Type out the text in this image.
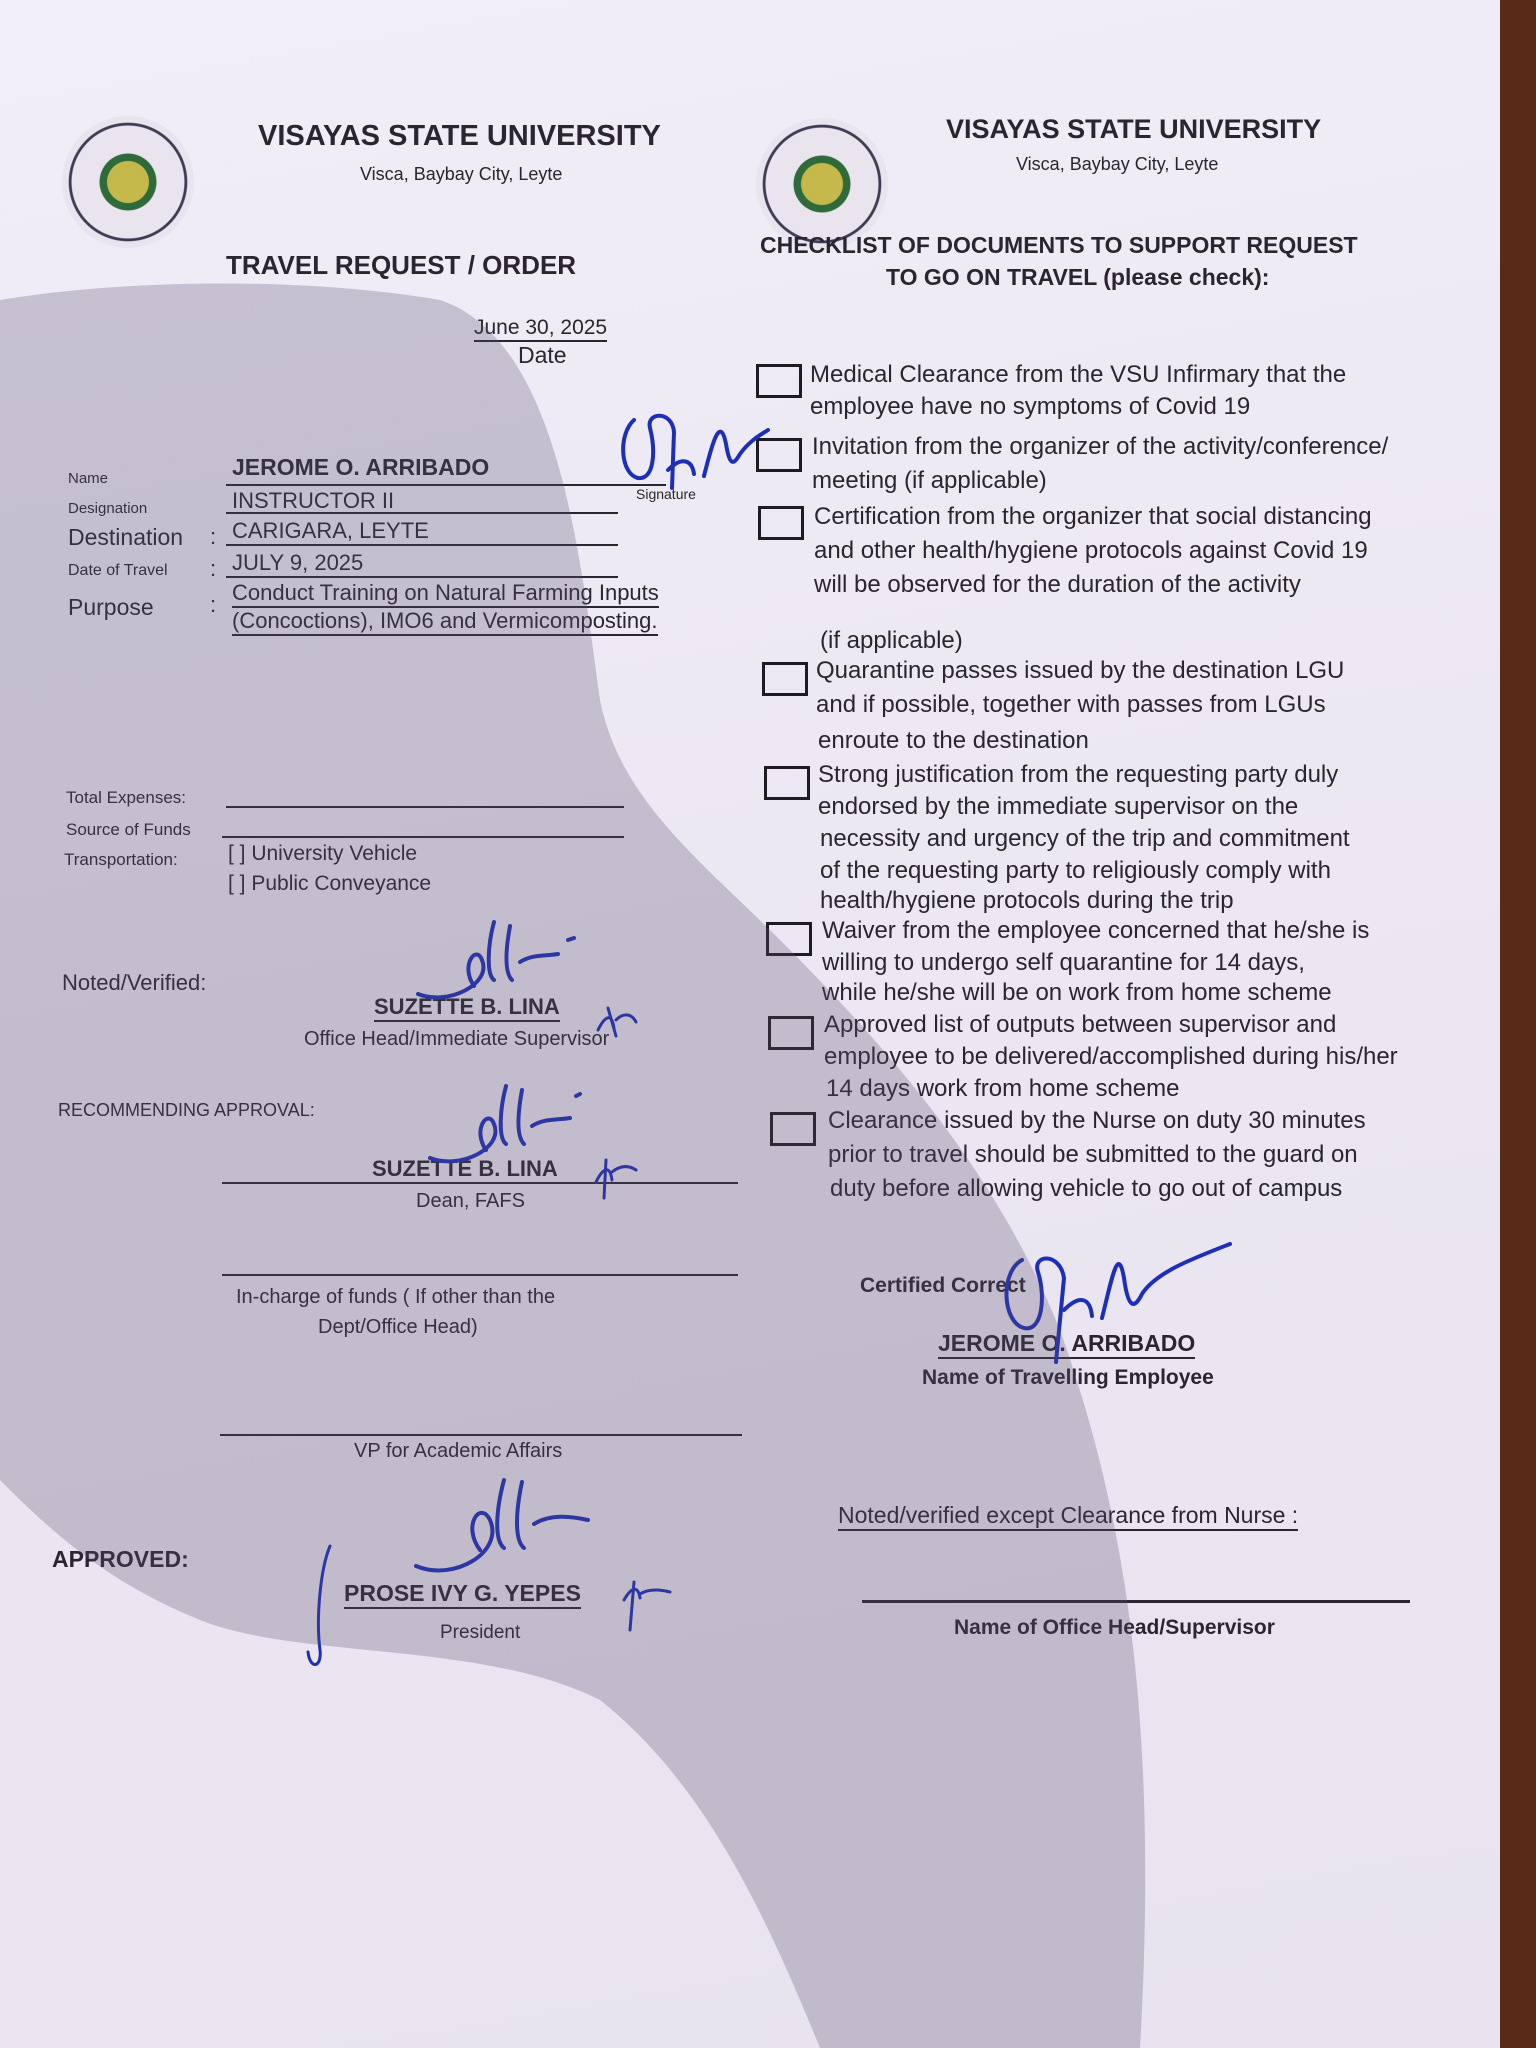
VISAYAS STATE UNIVERSITY
Visca, Baybay City, Leyte
TRAVEL REQUEST / ORDER
June 30, 2025
Date
Name	JEROME O. ARRIBADO
Signature
Designation	INSTRUCTOR II
Destination : CARIGARA, LEYTE
Date of Travel : JULY 9, 2025
Purpose	: Conduct Training on Natural Farming Inputs
(Concoctions), IMO6 and Vermicomposting.
Total Expenses:
Source of Funds
Transportation: [ ] University Vehicle
[ ] Public Conveyance
Noted/Verified:
SUZETTE B. LINA
Office Head/Immediate Supervisor
RECOMMENDING APPROVAL:
SUZETTE B. LINA
Dean, FAFS
In-charge of funds ( If other than the
Dept/Office Head)
VP for Academic Affairs
APPROVED:
PROSE IVY G. YEPES
President
VISAYAS STATE UNIVERSITY
Visca, Baybay City, Leyte
CHECKLIST OF DOCUMENTS TO SUPPORT REQUEST
TO GO ON TRAVEL (please check):
Medical Clearance from the VSU Infirmary that the
employee have no symptoms of Covid 19
Invitation from the organizer of the activity/conference/
meeting (if applicable)
Certification from the organizer that social distancing
and other health/hygiene protocols against Covid 19
will be observed for the duration of the activity
(if applicable)
Quarantine passes issued by the destination LGU
and if possible, together with passes from LGUs
enroute to the destination
Strong justification from the requesting party duly
endorsed by the immediate supervisor on the
necessity and urgency of the trip and commitment
of the requesting party to religiously comply with
health/hygiene protocols during the trip
Waiver from the employee concerned that he/she is
willing to undergo self quarantine for 14 days,
while he/she will be on work from home scheme
Approved list of outputs between supervisor and
employee to be delivered/accomplished during his/her
14 days work from home scheme
Clearance issued by the Nurse on duty 30 minutes
prior to travel should be submitted to the guard on
duty before allowing vehicle to go out of campus
Certified Correct
JEROME O. ARRIBADO
Name of Travelling Employee
Noted/verified except Clearance from Nurse :
Name of Office Head/Supervisor
